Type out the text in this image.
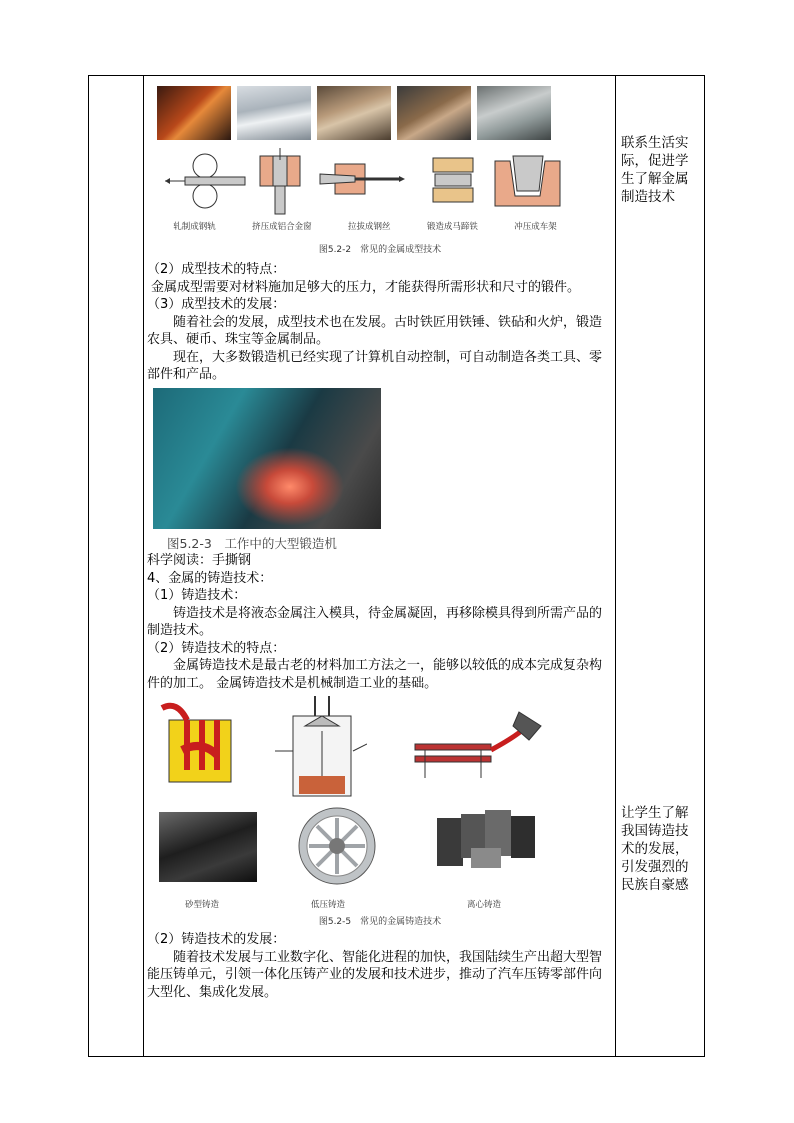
轧制成钢轨	挤压成铝合金窗	拉拔成钢丝	锻造成马蹄铁	冲压成车架
图5.2-2　常见的金属成型技术

（2）成型技术的特点：

金属成型需要对材料施加足够大的压力，才能获得所需形状和尺寸的锻件。

（3）成型技术的发展：

随着社会的发展，成型技术也在发展。古时铁匠用铁锤、铁砧和火炉，锻造农具、硬币、珠宝等金属制品。

现在，大多数锻造机已经实现了计算机自动控制，可自动制造各类工具、零部件和产品。

图5.2-3　工作中的大型锻造机

科学阅读：手撕钢

4、金属的铸造技术：

（1）铸造技术：

铸造技术是将液态金属注入模具，待金属凝固，再移除模具得到所需产品的制造技术。

（2）铸造技术的特点：

金属铸造技术是最古老的材料加工方法之一，能够以较低的成本完成复杂构件的加工。 金属铸造技术是机械制造工业的基础。

砂型铸造	低压铸造	离心铸造
图5.2-5　常见的金属铸造技术

（2）铸造技术的发展：

随着技术发展与工业数字化、智能化进程的加快，我国陆续生产出超大型智能压铸单元，引领一体化压铸产业的发展和技术进步，推动了汽车压铸零部件向大型化、集成化发展。

联系生活实际，促进学生了解金属制造技术
让学生了解我国铸造技术的发展，引发强烈的民族自豪感
